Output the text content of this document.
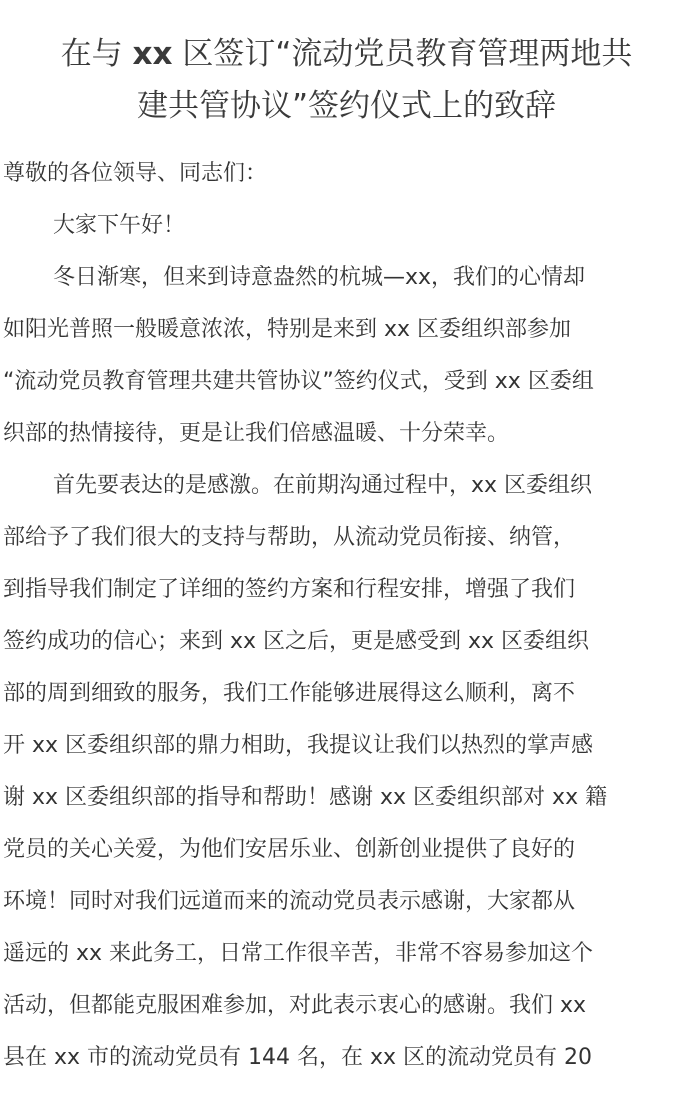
在与 xx 区签订“流动党员教育管理两地共
建共管协议”签约仪式上的致辞
尊敬的各位领导、同志们：
大家下午好！
冬日渐寒，但来到诗意盎然的杭城—xx，我们的心情却
如阳光普照一般暖意浓浓，特别是来到 xx 区委组织部参加
“流动党员教育管理共建共管协议”签约仪式，受到 xx 区委组
织部的热情接待，更是让我们倍感温暖、十分荣幸。
首先要表达的是感激。在前期沟通过程中，xx 区委组织
部给予了我们很大的支持与帮助，从流动党员衔接、纳管，
到指导我们制定了详细的签约方案和行程安排，增强了我们
签约成功的信心；来到 xx 区之后，更是感受到 xx 区委组织
部的周到细致的服务，我们工作能够进展得这么顺利，离不
开 xx 区委组织部的鼎力相助，我提议让我们以热烈的掌声感
谢 xx 区委组织部的指导和帮助！感谢 xx 区委组织部对 xx 籍
党员的关心关爱，为他们安居乐业、创新创业提供了良好的
环境！同时对我们远道而来的流动党员表示感谢，大家都从
遥远的 xx 来此务工，日常工作很辛苦，非常不容易参加这个
活动，但都能克服困难参加，对此表示衷心的感谢。我们 xx
县在 xx 市的流动党员有 144 名，在 xx 区的流动党员有 20
